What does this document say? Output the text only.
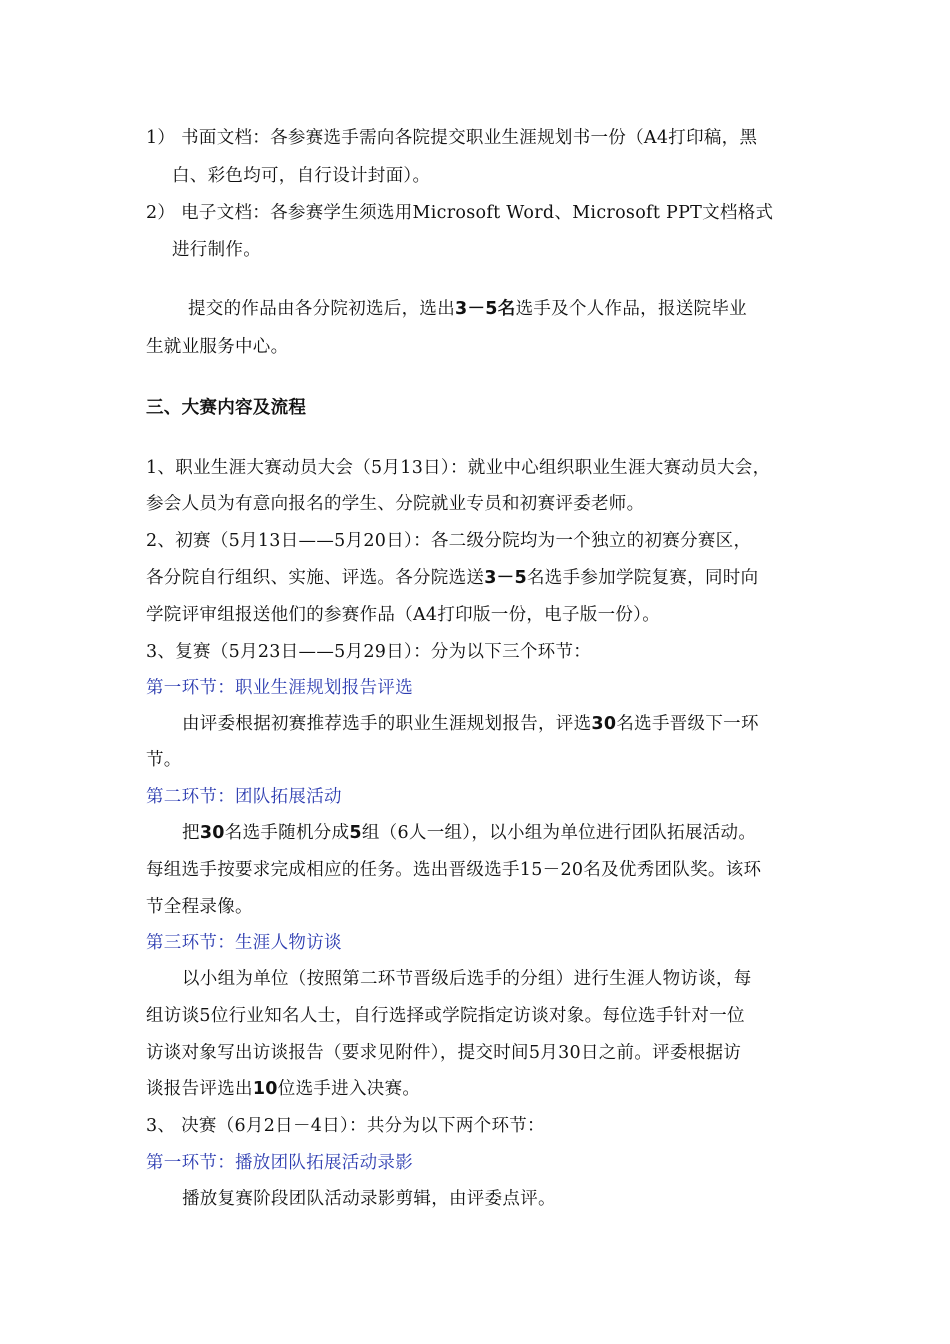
1） 书面文档：各参赛选手需向各院提交职业生涯规划书一份（A4打印稿，黑

白、彩色均可，自行设计封面）。

2） 电子文档：各参赛学生须选用Microsoft Word、Microsoft PPT文档格式

进行制作。

提交的作品由各分院初选后，选出3－5名选手及个人作品，报送院毕业

生就业服务中心。

三、大赛内容及流程

1、职业生涯大赛动员大会（5月13日）：就业中心组织职业生涯大赛动员大会，

参会人员为有意向报名的学生、分院就业专员和初赛评委老师。

2、初赛（5月13日——5月20日）：各二级分院均为一个独立的初赛分赛区，

各分院自行组织、实施、评选。各分院选送3－5名选手参加学院复赛，同时向

学院评审组报送他们的参赛作品（A4打印版一份，电子版一份）。

3、复赛（5月23日——5月29日）：分为以下三个环节：

第一环节：职业生涯规划报告评选

由评委根据初赛推荐选手的职业生涯规划报告，评选30名选手晋级下一环

节。

第二环节：团队拓展活动

把30名选手随机分成5组（6人一组），以小组为单位进行团队拓展活动。

每组选手按要求完成相应的任务。选出晋级选手15－20名及优秀团队奖。该环

节全程录像。

第三环节：生涯人物访谈

以小组为单位（按照第二环节晋级后选手的分组）进行生涯人物访谈，每

组访谈5位行业知名人士，自行选择或学院指定访谈对象。每位选手针对一位

访谈对象写出访谈报告（要求见附件），提交时间5月30日之前。评委根据访

谈报告评选出10位选手进入决赛。

3、 决赛（6月2日－4日）：共分为以下两个环节：

第一环节：播放团队拓展活动录影

播放复赛阶段团队活动录影剪辑，由评委点评。
